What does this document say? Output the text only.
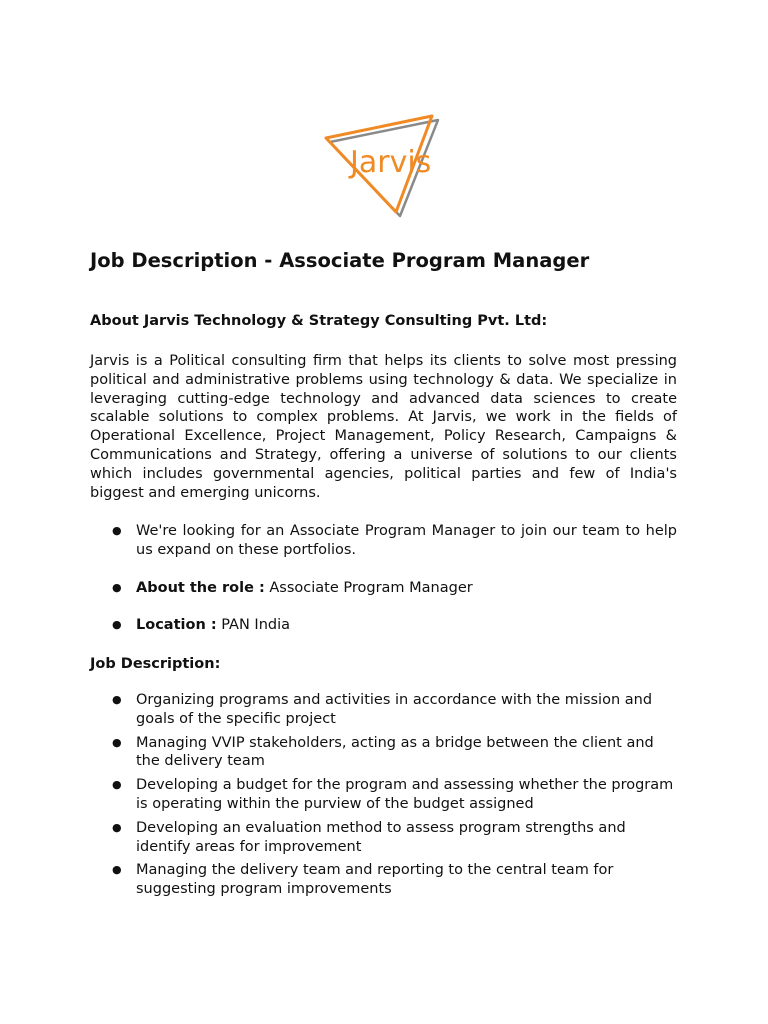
Jarvis
Job Description - Associate Program Manager
About Jarvis Technology & Strategy Consulting Pvt. Ltd:

Jarvis is a Political consulting firm that helps its clients to solve most pressing political and administrative problems using technology & data. We specialize in leveraging cutting-edge technology and advanced data sciences to create scalable solutions to complex problems. At Jarvis, we work in the fields of Operational Excellence, Project Management, Policy Research, Campaigns & Communications and Strategy, offering a universe of solutions to our clients which includes governmental agencies, political parties and few of India's biggest and emerging unicorns.

● We're looking for an Associate Program Manager to join our team to help us expand on these portfolios.
● About the role : Associate Program Manager
● Location : PAN India
Job Description:
● Organizing programs and activities in accordance with the mission and goals of the specific project
● Managing VVIP stakeholders, acting as a bridge between the client and the delivery team
● Developing a budget for the program and assessing whether the program is operating within the purview of the budget assigned
● Developing an evaluation method to assess program strengths and identify areas for improvement
● Managing the delivery team and reporting to the central team for suggesting program improvements
